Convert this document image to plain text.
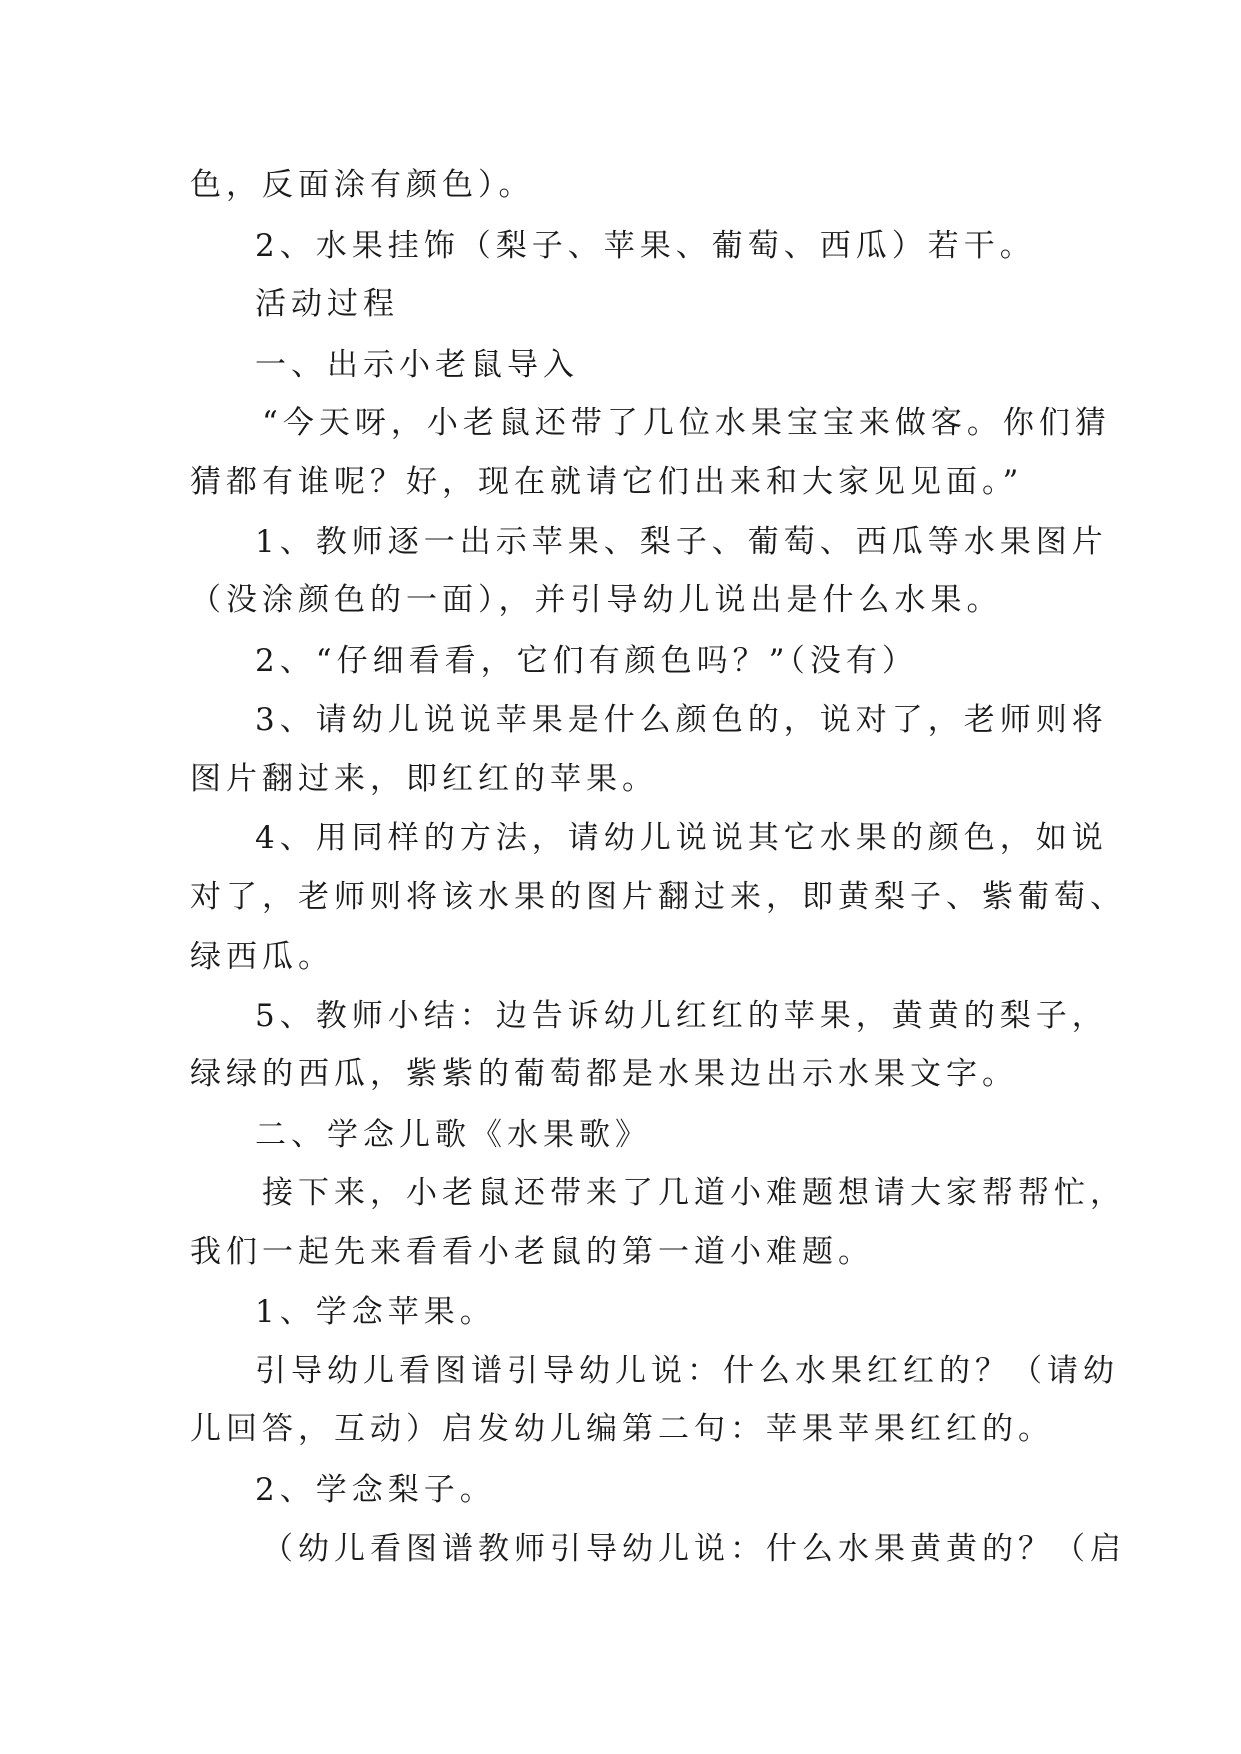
色，反面涂有颜色）。
2、水果挂饰（梨子、苹果、葡萄、西瓜）若干。
活动过程
一、出示小老鼠导入
“今天呀，小老鼠还带了几位水果宝宝来做客。你们猜
猜都有谁呢？好，现在就请它们出来和大家见见面。”
1、教师逐一出示苹果、梨子、葡萄、西瓜等水果图片
（没涂颜色的一面），并引导幼儿说出是什么水果。
2、“仔细看看，它们有颜色吗？”（没有）
3、请幼儿说说苹果是什么颜色的，说对了，老师则将
图片翻过来，即红红的苹果。
4、用同样的方法，请幼儿说说其它水果的颜色，如说
对了，老师则将该水果的图片翻过来，即黄梨子、紫葡萄、
绿西瓜。
5、教师小结：边告诉幼儿红红的苹果，黄黄的梨子，
绿绿的西瓜，紫紫的葡萄都是水果边出示水果文字。
二、学念儿歌《水果歌》
接下来，小老鼠还带来了几道小难题想请大家帮帮忙，
我们一起先来看看小老鼠的第一道小难题。
1、学念苹果。
引导幼儿看图谱引导幼儿说：什么水果红红的？（请幼
儿回答，互动）启发幼儿编第二句：苹果苹果红红的。
2、学念梨子。
（幼儿看图谱教师引导幼儿说：什么水果黄黄的？（启
